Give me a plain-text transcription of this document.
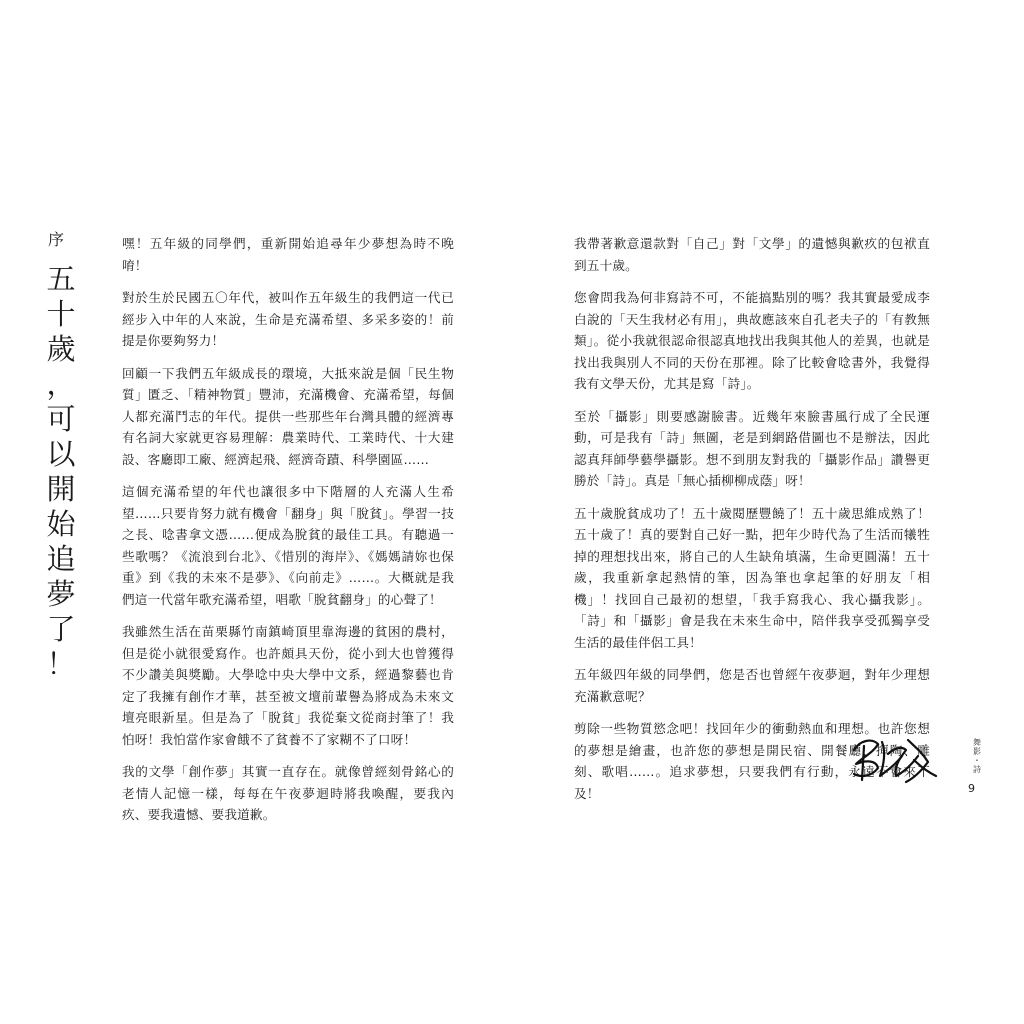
序
五
十
歲
，
可
以
開
始
追
夢
了
！

嘿！五年級的同學們，重新開始追尋年少夢想為時不晚唷！

對於生於民國五〇年代，被叫作五年級生的我們這一代已經步入中年的人來說，生命是充滿希望、多采多姿的！前提是你要夠努力！

回顧一下我們五年級成長的環境，大抵來說是個「民生物質」匱乏、「精神物質」豐沛，充滿機會、充滿希望，每個人都充滿鬥志的年代。提供一些那些年台灣具體的經濟專有名詞大家就更容易理解：農業時代、工業時代、十大建設、客廳即工廠、經濟起飛、經濟奇蹟、科學園區……

這個充滿希望的年代也讓很多中下階層的人充滿人生希望……只要肯努力就有機會「翻身」與「脫貧」。學習一技之長、唸書拿文憑……便成為脫貧的最佳工具。有聽過一些歌嗎？《流浪到台北》、《惜別的海岸》、《媽媽請妳也保重》到《我的未來不是夢》、《向前走》……。大概就是我們這一代當年歌充滿希望，唱歌「脫貧翻身」的心聲了！

我雖然生活在苗栗縣竹南鎮崎頂里靠海邊的貧困的農村，但是從小就很愛寫作。也許頗具天份，從小到大也曾獲得不少讚美與獎勵。大學唸中央大學中文系，經過黎藝也肯定了我擁有創作才華，甚至被文壇前輩譽為將成為未來文壇亮眼新星。但是為了「脫貧」我從棄文從商封筆了！我怕呀！我怕當作家會餓不了貧養不了家糊不了口呀！

我的文學「創作夢」其實一直存在。就像曾經刻骨銘心的老情人記憶一樣，每每在午夜夢迴時將我喚醒，要我內疚、要我遺憾、要我道歉。

我帶著歉意還款對「自己」對「文學」的遺憾與歉疚的包袱直到五十歲。

您會問我為何非寫詩不可，不能搞點別的嗎？我其實最愛成李白說的「天生我材必有用」，典故應該來自孔老夫子的「有教無類」。從小我就很認命很認真地找出我與其他人的差異，也就是找出我與別人不同的天份在那裡。除了比較會唸書外，我覺得我有文學天份，尤其是寫「詩」。

至於「攝影」則要感謝臉書。近幾年來臉書風行成了全民運動，可是我有「詩」無圖，老是到網路借圖也不是辦法，因此認真拜師學藝學攝影。想不到朋友對我的「攝影作品」讚譽更勝於「詩」。真是「無心插柳柳成蔭」呀！

五十歲脫貧成功了！五十歲閱歷豐饒了！五十歲思維成熟了！五十歲了！真的要對自己好一點，把年少時代為了生活而犧牲掉的理想找出來，將自己的人生缺角填滿，生命更圓滿！五十歲，我重新拿起熱情的筆，因為筆也拿起筆的好朋友「相機」！找回自己最初的想望，「我手寫我心、我心攝我影」。「詩」和「攝影」會是我在未來生命中，陪伴我享受孤獨享受生活的最佳伴侶工具！

五年級四年級的同學們，您是否也曾經午夜夢迴，對年少理想充滿歉意呢？

剪除一些物質慾念吧！找回年少的衝動熱血和理想。也許您想的夢想是繪畫，也許您的夢想是開民宿、開餐廳、揮陶、雕刻、歌唱……。追求夢想，只要我們有行動，永遠不會來不及！

舞
影
・
詩
9
